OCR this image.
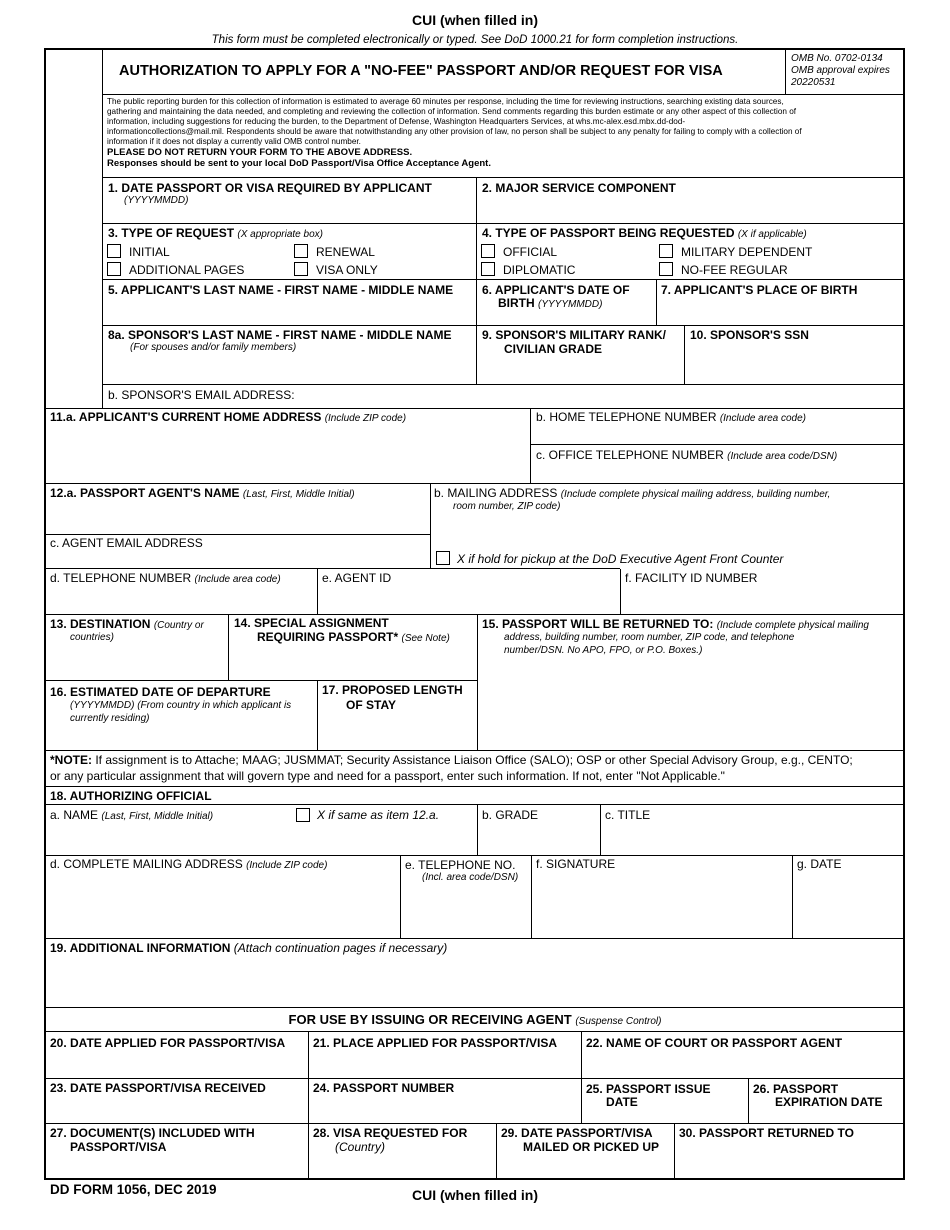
CUI (when filled in)
This form must be completed electronically or typed. See DoD 1000.21 for form completion instructions.
AUTHORIZATION TO APPLY FOR A "NO-FEE" PASSPORT AND/OR REQUEST FOR VISA
OMB No. 0702-0134
OMB approval expires
20220531
The public reporting burden for this collection of information is estimated to average 60 minutes per response, including the time for reviewing instructions, searching existing data sources,
gathering and maintaining the data needed, and completing and reviewing the collection of information. Send comments regarding this burden estimate or any other aspect of this collection of
information, including suggestions for reducing the burden, to the Department of Defense, Washington Headquarters Services, at whs.mc-alex.esd.mbx.dd-dod-
informationcollections@mail.mil. Respondents should be aware that notwithstanding any other provision of law, no person shall be subject to any penalty for failing to comply with a collection of
information if it does not display a currently valid OMB control number.
PLEASE DO NOT RETURN YOUR FORM TO THE ABOVE ADDRESS.
Responses should be sent to your local DoD Passport/Visa Office Acceptance Agent.
1. DATE PASSPORT OR VISA REQUIRED BY APPLICANT
(YYYYMMDD)
2. MAJOR SERVICE COMPONENT
3. TYPE OF REQUEST (X appropriate box)
INITIAL	RENEWAL
ADDITIONAL PAGES	VISA ONLY
4. TYPE OF PASSPORT BEING REQUESTED (X if applicable)
OFFICIAL	MILITARY DEPENDENT
DIPLOMATIC	NO-FEE REGULAR
5. APPLICANT'S LAST NAME - FIRST NAME - MIDDLE NAME 6. APPLICANT'S DATE OF
BIRTH (YYYYMMDD)
7. APPLICANT'S PLACE OF BIRTH
8a. SPONSOR'S LAST NAME - FIRST NAME - MIDDLE NAME
(For spouses and/or family members)
9. SPONSOR'S MILITARY RANK/
CIVILIAN GRADE
10. SPONSOR'S SSN
b. SPONSOR'S EMAIL ADDRESS:
11.a. APPLICANT'S CURRENT HOME ADDRESS (Include ZIP code)	b. HOME TELEPHONE NUMBER (Include area code)
c. OFFICE TELEPHONE NUMBER (Include area code/DSN)
12.a. PASSPORT AGENT'S NAME (Last, First, Middle Initial)	b. MAILING ADDRESS (Include complete physical mailing address, building number,
room number, ZIP code)
c. AGENT EMAIL ADDRESS
X if hold for pickup at the DoD Executive Agent Front Counter
d. TELEPHONE NUMBER (Include area code)	e. AGENT ID	f. FACILITY ID NUMBER
13. DESTINATION (Country or
countries)
14. SPECIAL ASSIGNMENT
REQUIRING PASSPORT* (See Note)
15. PASSPORT WILL BE RETURNED TO: (Include complete physical mailing
address, building number, room number, ZIP code, and telephone
number/DSN. No APO, FPO, or P.O. Boxes.)
16. ESTIMATED DATE OF DEPARTURE
(YYYYMMDD) (From country in which applicant is
currently residing)
17. PROPOSED LENGTH
OF STAY
*NOTE: If assignment is to Attache; MAAG; JUSMMAT; Security Assistance Liaison Office (SALO); OSP or other Special Advisory Group, e.g., CENTO;
or any particular assignment that will govern type and need for a passport, enter such information. If not, enter "Not Applicable."
18. AUTHORIZING OFFICIAL
a. NAME (Last, First, Middle Initial)	X if same as item 12.a.	b. GRADE	c. TITLE
d. COMPLETE MAILING ADDRESS (Include ZIP code)	e. TELEPHONE NO.
(Incl. area code/DSN)
f. SIGNATURE	g. DATE
19. ADDITIONAL INFORMATION (Attach continuation pages if necessary)
FOR USE BY ISSUING OR RECEIVING AGENT (Suspense Control)
20. DATE APPLIED FOR PASSPORT/VISA 21. PLACE APPLIED FOR PASSPORT/VISA 22. NAME OF COURT OR PASSPORT AGENT
23. DATE PASSPORT/VISA RECEIVED	24. PASSPORT NUMBER	25. PASSPORT ISSUE
DATE
26. PASSPORT
EXPIRATION DATE
27. DOCUMENT(S) INCLUDED WITH
PASSPORT/VISA
28. VISA REQUESTED FOR
(Country)
29. DATE PASSPORT/VISA
MAILED OR PICKED UP
30. PASSPORT RETURNED TO
DD FORM 1056, DEC 2019	CUI (when filled in)
